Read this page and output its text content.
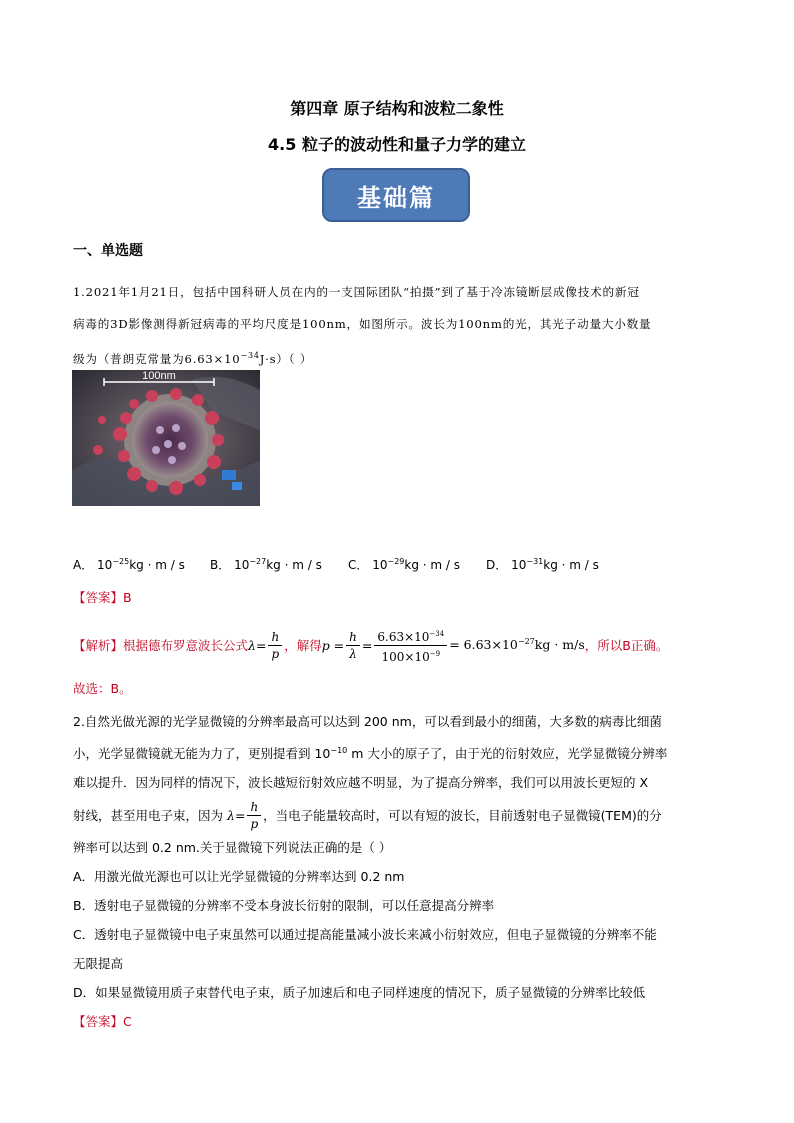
第四章 原子结构和波粒二象性
4.5 粒子的波动性和量子力学的建立
基础篇
一、单选题
1.2021年1月21日，包括中国科研人员在内的一支国际团队“拍摄”到了基于冷冻镜断层成像技术的新冠
病毒的3D影像测得新冠病毒的平均尺度是100nm，如图所示。波长为100nm的光，其光子动量大小数量
级为（普朗克常量为$6.63\times 10^{-34}J\cdot s$）（ ）
100nm
A． $10^{-25}kg \cdot m / s$ B． $10^{-27}kg \cdot m / s$ C． $10^{-29}kg \cdot m / s$ D． $10^{-31}kg \cdot m / s$
【答案】B
【解析】 根据德布罗意波长公式 $\lambda= \frac{h}{p}$ ，解得 $p = \frac{h}{\lambda} = \frac{6.63\times 10^{-34}}{100\times 10^{-9}} = 6.63\times 10^{-27}kg \cdot m/s$ ，所以B正确。
故选：B。
2.自然光做光源的光学显微镜的分辨率最高可以达到 200 nm，可以看到最小的细菌，大多数的病毒比细菌
小，光学显微镜就无能为力了，更别提看到 $10^{-10}$ m 大小的原子了，由于光的衍射效应，光学显微镜分辨率
难以提升．因为同样的情况下，波长越短衍射效应越不明显，为了提高分辨率，我们可以用波长更短的 X
射线，甚至用电子束，因为 $\lambda= \frac{h}{p}$ ，当电子能量较高时，可以有短的波长，目前透射电子显微镜(TEM)的分
辨率可以达到 0.2 nm.关于显微镜下列说法正确的是（ ）
A．用激光做光源也可以让光学显微镜的分辨率达到 0.2 nm
B．透射电子显微镜的分辨率不受本身波长衍射的限制，可以任意提高分辨率
C．透射电子显微镜中电子束虽然可以通过提高能量减小波长来减小衍射效应，但电子显微镜的分辨率不能
无限提高
D．如果显微镜用质子束替代电子束，质子加速后和电子同样速度的情况下，质子显微镜的分辨率比较低
【答案】C
